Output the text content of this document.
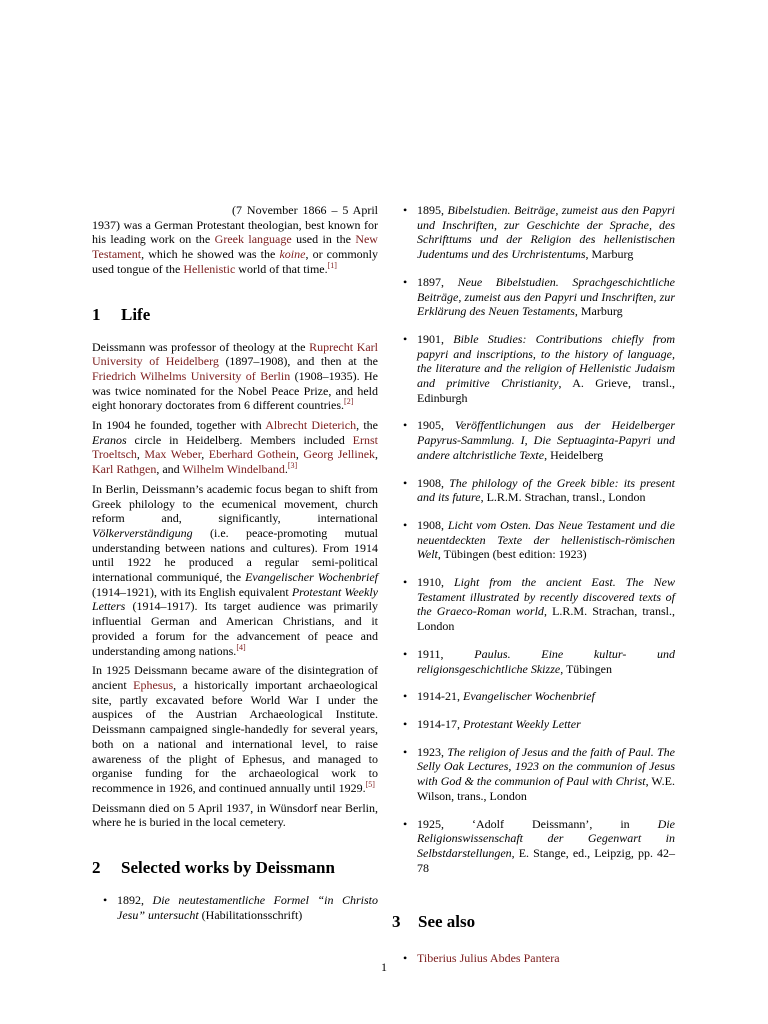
(7 November 1866 – 5 April 1937) was a German Protestant theologian, best known for his leading work on the Greek language used in the New Testament, which he showed was the koine, or commonly used tongue of the Hellenistic world of that time.[1]

1 Life

Deissmann was professor of theology at the Ruprecht Karl University of Heidelberg (1897–1908), and then at the Friedrich Wilhelms University of Berlin (1908–1935). He was twice nominated for the Nobel Peace Prize, and held eight honorary doctorates from 6 different countries.[2]

In 1904 he founded, together with Albrecht Dieterich, the Eranos circle in Heidelberg. Members included Ernst Troeltsch, Max Weber, Eberhard Gothein, Georg Jellinek, Karl Rathgen, and Wilhelm Windelband.[3]

In Berlin, Deissmann’s academic focus began to shift from Greek philology to the ecumenical movement, church reform and, significantly, international Völkerverständigung (i.e. peace-promoting mutual understanding between nations and cultures). From 1914 until 1922 he produced a regular semi-political international communiqué, the Evangelischer Wochenbrief (1914–1921), with its English equivalent Protestant Weekly Letters (1914–1917). Its target audience was primarily influential German and American Christians, and it provided a forum for the advancement of peace and understanding among nations.[4]

In 1925 Deissmann became aware of the disintegration of ancient Ephesus, a historically important archaeological site, partly excavated before World War I under the auspices of the Austrian Archaeological Institute. Deissmann campaigned single-handedly for several years, both on a national and international level, to raise awareness of the plight of Ephesus, and managed to organise funding for the archaeological work to recommence in 1926, and continued annually until 1929.[5]

Deissmann died on 5 April 1937, in Wünsdorf near Berlin, where he is buried in the local cemetery.

2 Selected works by Deissmann
• 1892, Die neutestamentliche Formel “in Christo Jesu” untersucht (Habilitationsschrift)
• 1895, Bibelstudien. Beiträge, zumeist aus den Papyri und Inschriften, zur Geschichte der Sprache, des Schrifttums und der Religion des hellenistischen Judentums und des Urchristentums, Marburg
• 1897, Neue Bibelstudien. Sprachgeschichtliche Beiträge, zumeist aus den Papyri und Inschriften, zur Erklärung des Neuen Testaments, Marburg
• 1901, Bible Studies: Contributions chiefly from papyri and inscriptions, to the history of language, the literature and the religion of Hellenistic Judaism and primitive Christianity, A. Grieve, transl., Edinburgh
• 1905, Veröffentlichungen aus der Heidelberger Papyrus-Sammlung. I, Die Septuaginta-Papyri und andere altchristliche Texte, Heidelberg
• 1908, The philology of the Greek bible: its present and its future, L.R.M. Strachan, transl., London
• 1908, Licht vom Osten. Das Neue Testament und die neuentdeckten Texte der hellenistisch-römischen Welt, Tübingen (best edition: 1923)
• 1910, Light from the ancient East. The New Testament illustrated by recently discovered texts of the Graeco-Roman world, L.R.M. Strachan, transl., London
• 1911, Paulus. Eine kultur- und religionsgeschichtliche Skizze, Tübingen
• 1914-21, Evangelischer Wochenbrief
• 1914-17, Protestant Weekly Letter
• 1923, The religion of Jesus and the faith of Paul. The Selly Oak Lectures, 1923 on the communion of Jesus with God & the communion of Paul with Christ, W.E. Wilson, trans., London
• 1925, ‘Adolf Deissmann’, in Die Religionswissenschaft der Gegenwart in Selbstdarstellungen, E. Stange, ed., Leipzig, pp. 42–78
3 See also
• Tiberius Julius Abdes Pantera
1
